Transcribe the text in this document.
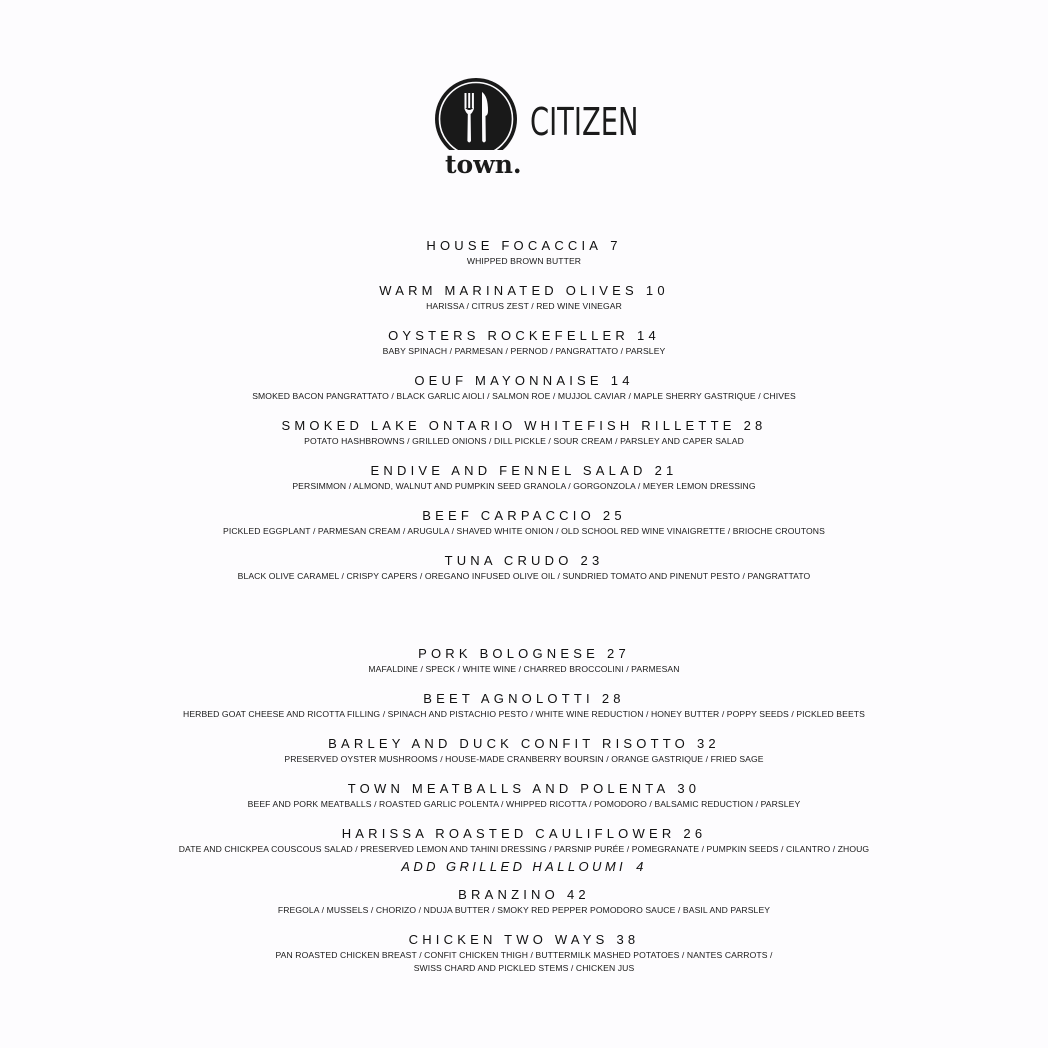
town.
CITIZEN
HOUSE FOCACCIA 7
WHIPPED BROWN BUTTER
WARM MARINATED OLIVES 10
HARISSA / CITRUS ZEST / RED WINE VINEGAR
OYSTERS ROCKEFELLER 14
BABY SPINACH / PARMESAN / PERNOD / PANGRATTATO / PARSLEY
OEUF MAYONNAISE 14
SMOKED BACON PANGRATTATO / BLACK GARLIC AIOLI / SALMON ROE / MUJJOL CAVIAR / MAPLE SHERRY GASTRIQUE / CHIVES
SMOKED LAKE ONTARIO WHITEFISH RILLETTE 28
POTATO HASHBROWNS / GRILLED ONIONS / DILL PICKLE / SOUR CREAM / PARSLEY AND CAPER SALAD
ENDIVE AND FENNEL SALAD 21
PERSIMMON / ALMOND, WALNUT AND PUMPKIN SEED GRANOLA / GORGONZOLA / MEYER LEMON DRESSING
BEEF CARPACCIO 25
PICKLED EGGPLANT / PARMESAN CREAM / ARUGULA / SHAVED WHITE ONION / OLD SCHOOL RED WINE VINAIGRETTE / BRIOCHE CROUTONS
TUNA CRUDO 23
BLACK OLIVE CARAMEL / CRISPY CAPERS / OREGANO INFUSED OLIVE OIL / SUNDRIED TOMATO AND PINENUT PESTO / PANGRATTATO
PORK BOLOGNESE 27
MAFALDINE / SPECK / WHITE WINE / CHARRED BROCCOLINI / PARMESAN
BEET AGNOLOTTI 28
HERBED GOAT CHEESE AND RICOTTA FILLING / SPINACH AND PISTACHIO PESTO / WHITE WINE REDUCTION / HONEY BUTTER / POPPY SEEDS / PICKLED BEETS
BARLEY AND DUCK CONFIT RISOTTO 32
PRESERVED OYSTER MUSHROOMS / HOUSE-MADE CRANBERRY BOURSIN / ORANGE GASTRIQUE / FRIED SAGE
TOWN MEATBALLS AND POLENTA 30
BEEF AND PORK MEATBALLS / ROASTED GARLIC POLENTA / WHIPPED RICOTTA / POMODORO / BALSAMIC REDUCTION / PARSLEY
HARISSA ROASTED CAULIFLOWER 26
DATE AND CHICKPEA COUSCOUS SALAD / PRESERVED LEMON AND TAHINI DRESSING / PARSNIP PURÉE / POMEGRANATE / PUMPKIN SEEDS / CILANTRO / ZHOUG
ADD GRILLED HALLOUMI 4
BRANZINO 42
FREGOLA / MUSSELS / CHORIZO / NDUJA BUTTER / SMOKY RED PEPPER POMODORO SAUCE / BASIL AND PARSLEY
CHICKEN TWO WAYS 38
PAN ROASTED CHICKEN BREAST / CONFIT CHICKEN THIGH / BUTTERMILK MASHED POTATOES / NANTES CARROTS /
SWISS CHARD AND PICKLED STEMS / CHICKEN JUS
